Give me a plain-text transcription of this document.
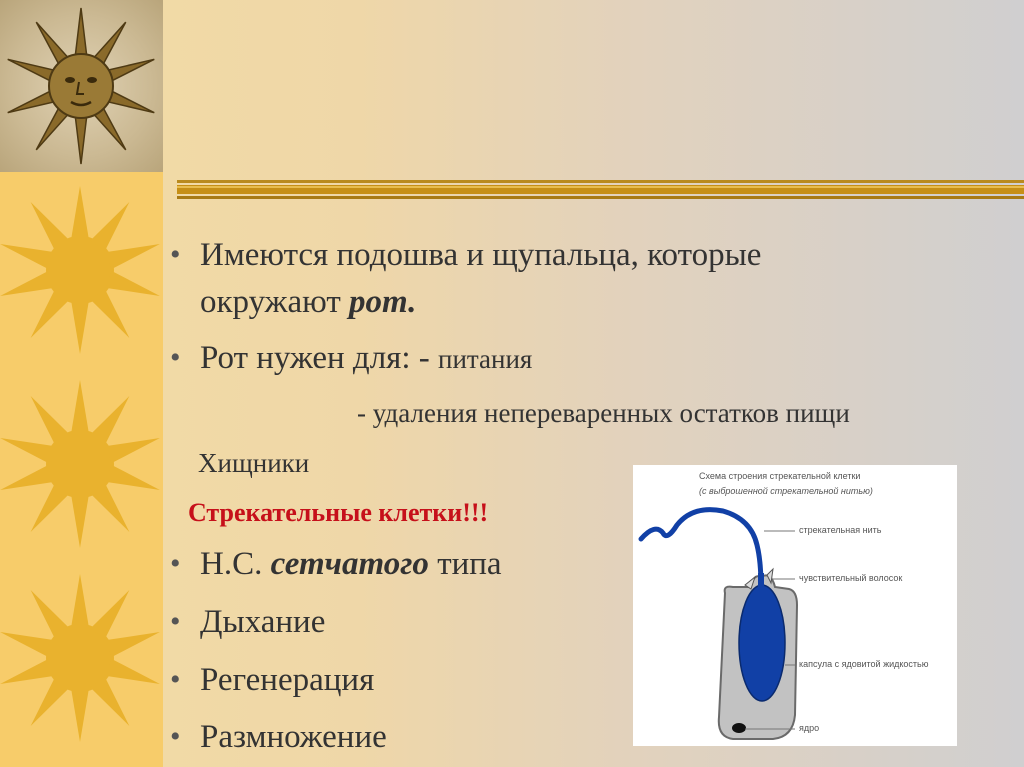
• Имеются подошва и щупальца, которые
окружают рот.
• Рот нужен для: - питания
- удаления непереваренных остатков пищи
Хищники
Стрекательные клетки!!!
• Н.С. сетчатого типа
• Дыхание
• Регенерация
• Размножение
Схема строения стрекательной клетки
(с выброшенной стрекательной нитью)
стрекательная нить
чувствительный волосок
капсула с ядовитой жидкостью
ядро
